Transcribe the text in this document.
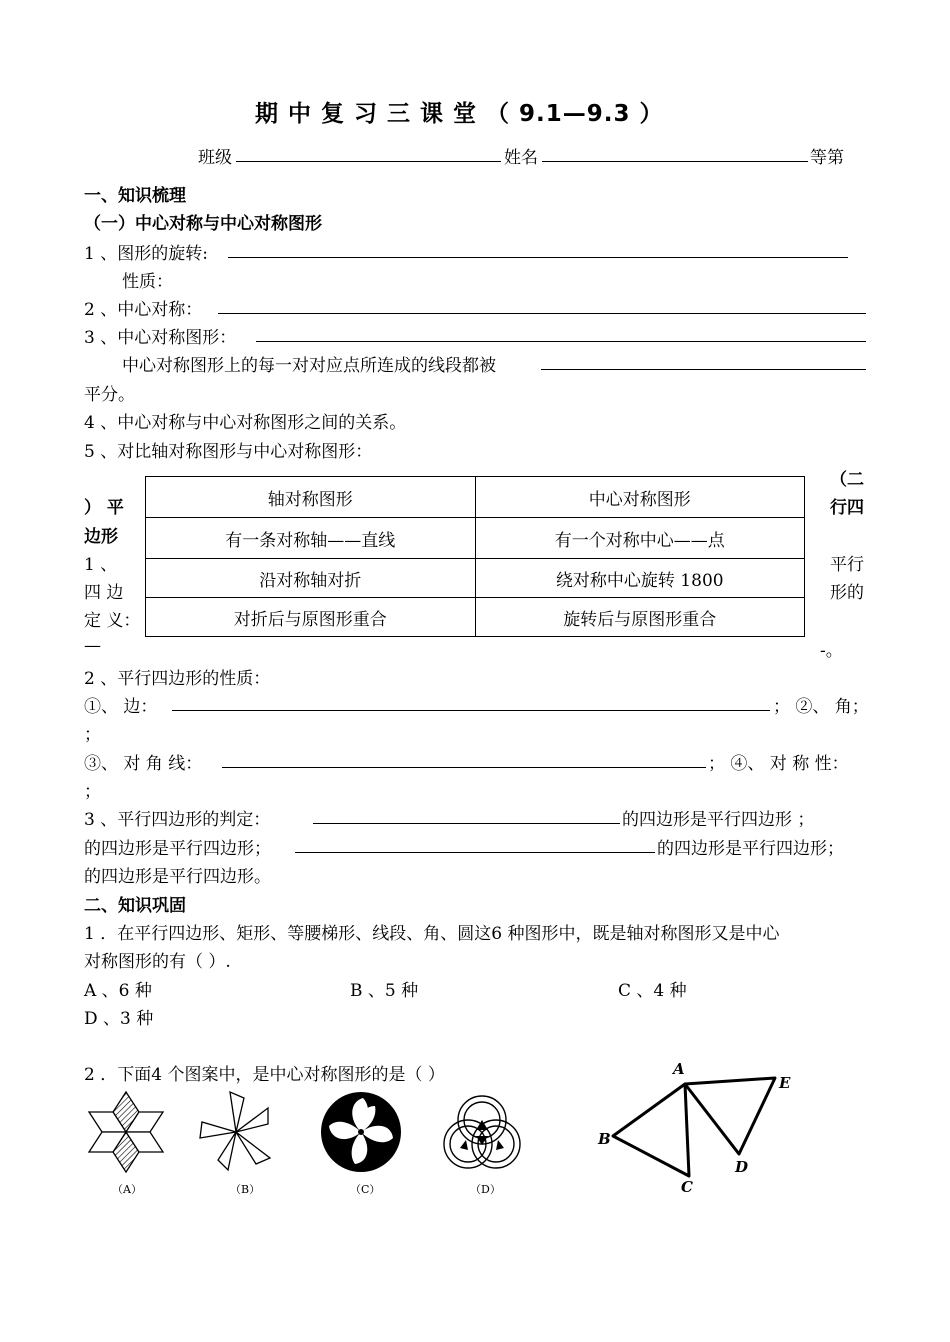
期 中 复 习 三 课 堂 （ 9.1—9.3 ）
班级	姓名	等第
一、知识梳理
（一）中心对称与中心对称图形
1 、图形的旋转:
性质：
2 、中心对称：
3 、中心对称图形：
中心对称图形上的每一对对应点所连成的线段都被
平分。
4 、中心对称与中心对称图形之间的关系。
5 、对比轴对称图形与中心对称图形：
轴对称图形	中心对称图形
有一条对称轴——直线	有一个对称中心——点
沿对称轴对折	绕对称中心旋转 1800
对折后与原图形重合	旋转后与原图形重合
（二
行四
） 平
边形
1 、
四 边
定 义：
平行
形的
—	-。
2 、平行四边形的性质：
①、 边：	； ②、 角；
；
③、 对 角 线：	； ④、 对 称 性：
；
3 、平行四边形的判定：	的四边形是平行四边形 ；
的四边形是平行四边形；	的四边形是平行四边形；
的四边形是平行四边形。
二、知识巩固
1 ．在平行四边形、矩形、等腰梯形、线段、角、圆这6 种图形中，既是轴对称图形又是中心
对称图形的有（ ）.
A 、6 种	B 、5 种	C 、4 种
D 、3 种
2 ．下面4 个图案中，是中心对称图形的是（ ）
（A）	（B）	（C）	（D）
A
B
C
D
E
